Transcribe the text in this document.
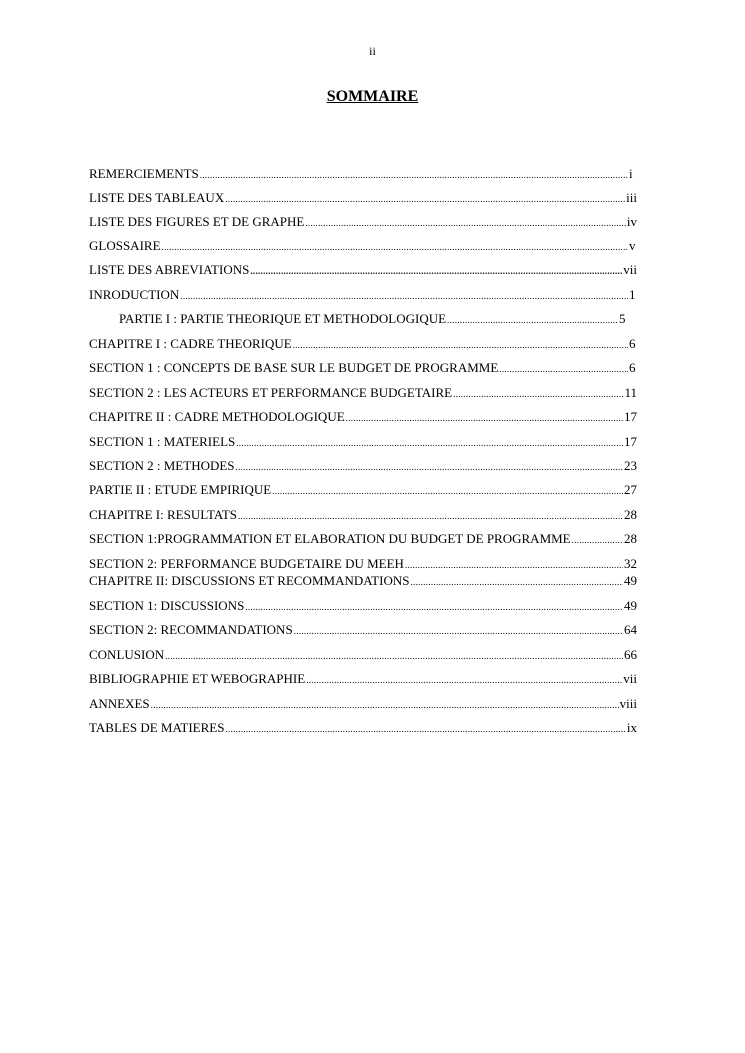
ii
SOMMAIRE
REMERCIEMENTS .....	i
LISTE DES TABLEAUX .....	iii
LISTE DES FIGURES ET DE GRAPHE .....	iv
GLOSSAIRE .....	v
LISTE DES ABREVIATIONS .....	vii
INRODUCTION .....	1
PARTIE I : PARTIE THEORIQUE ET METHODOLOGIQUE .....	5
CHAPITRE I : CADRE THEORIQUE .....	6
SECTION 1 : CONCEPTS DE BASE SUR LE BUDGET DE PROGRAMME .....	6
SECTION 2 : LES ACTEURS ET PERFORMANCE BUDGETAIRE .....	11
CHAPITRE II : CADRE METHODOLOGIQUE .....	17
SECTION 1 : MATERIELS .....	17
SECTION 2 : METHODES .....	23
PARTIE II : ETUDE EMPIRIQUE .....	27
CHAPITRE I: RESULTATS .....	28
SECTION 1:PROGRAMMATION ET ELABORATION DU BUDGET DE PROGRAMME .....	28
SECTION 2: PERFORMANCE BUDGETAIRE DU MEEH .....	32
CHAPITRE II: DISCUSSIONS ET RECOMMANDATIONS .....	49
SECTION 1: DISCUSSIONS .....	49
SECTION 2: RECOMMANDATIONS .....	64
CONLUSION .....	66
BIBLIOGRAPHIE ET WEBOGRAPHIE .....	vii
ANNEXES .....	viii
TABLES DE MATIERES .....	ix
